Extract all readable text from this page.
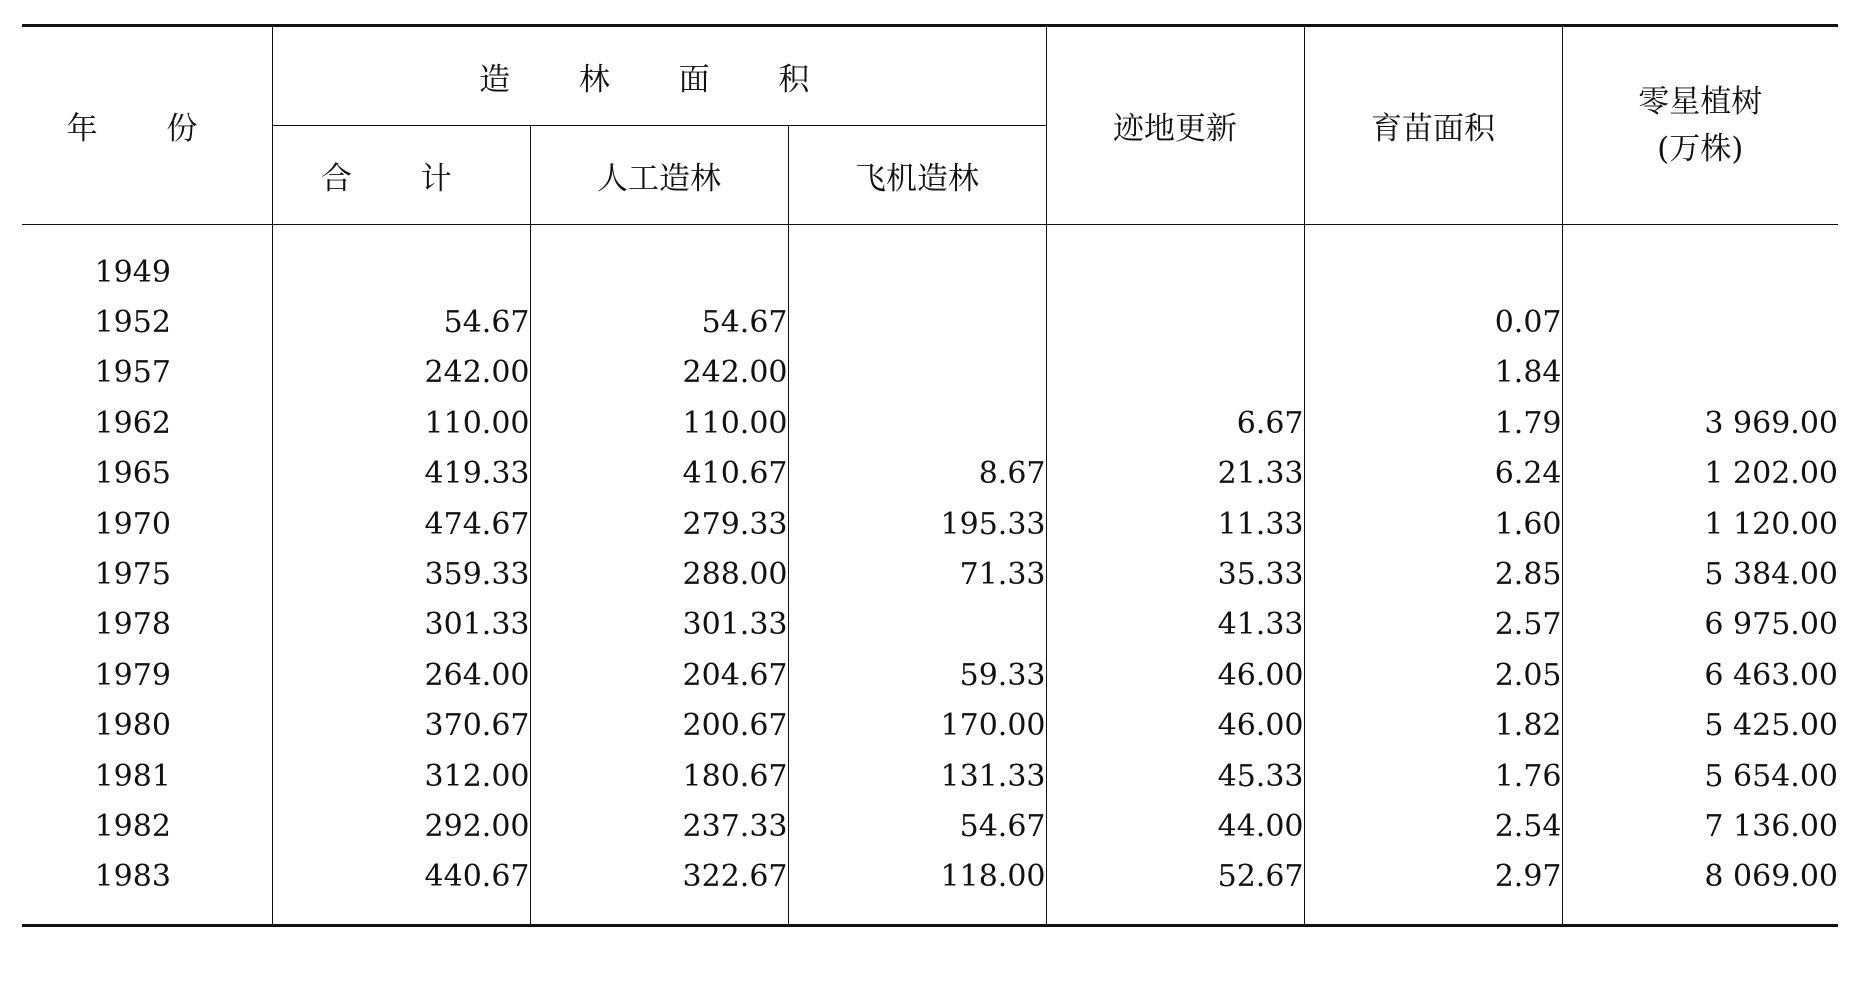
年 份	造 林 面 积			迹地更新	育苗面积	零星植树
(万株)
	合 计	人工造林	飞机造林			

1949						
1952	54.67	54.67			0.07	
1957	242.00	242.00			1.84	
1962	110.00	110.00		6.67	1.79	3 969.00
1965	419.33	410.67	8.67	21.33	6.24	1 202.00
1970	474.67	279.33	195.33	11.33	1.60	1 120.00
1975	359.33	288.00	71.33	35.33	2.85	5 384.00
1978	301.33	301.33		41.33	2.57	6 975.00
1979	264.00	204.67	59.33	46.00	2.05	6 463.00
1980	370.67	200.67	170.00	46.00	1.82	5 425.00
1981	312.00	180.67	131.33	45.33	1.76	5 654.00
1982	292.00	237.33	54.67	44.00	2.54	7 136.00
1983	440.67	322.67	118.00	52.67	2.97	8 069.00
